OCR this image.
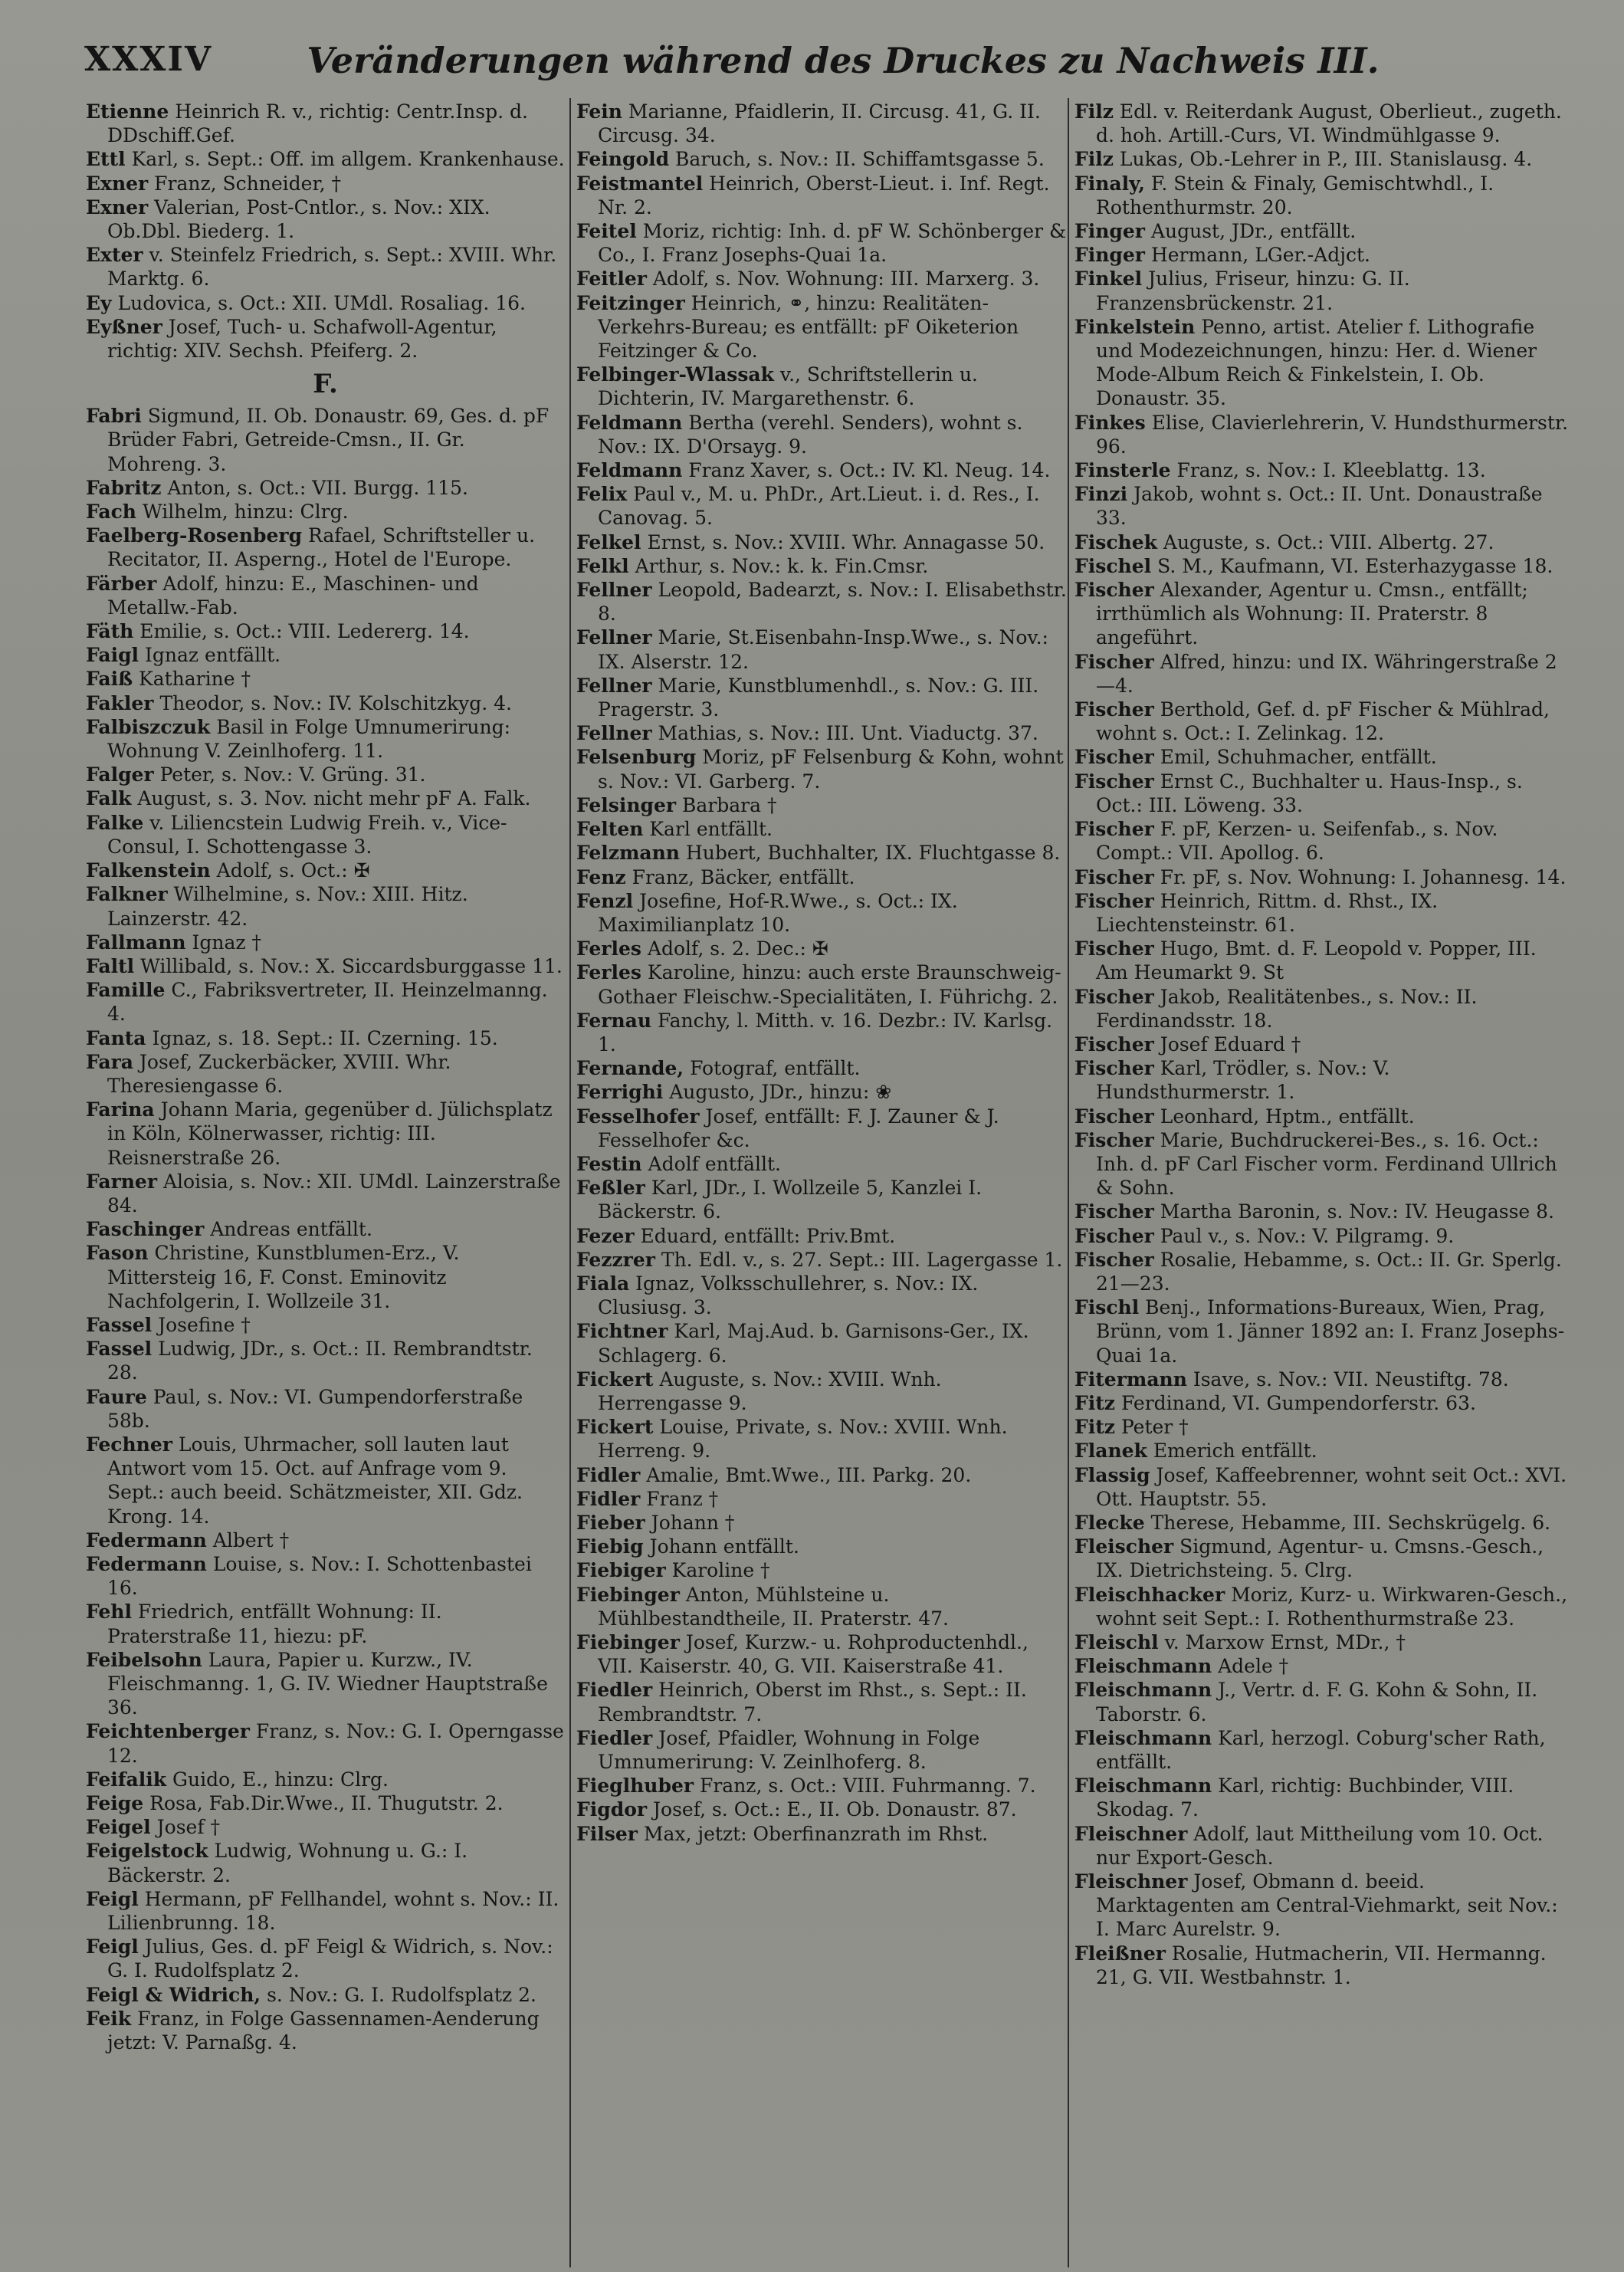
XXXIV	Veränderungen während des Druckes zu Nachweis III.
Etienne Heinrich R. v., richtig: Centr.Insp. d. DDschiff.Gef.
Ettl Karl, s. Sept.: Off. im allgem. Krankenhause.
Exner Franz, Schneider, †
Exner Valerian, Post-Cntlor., s. Nov.: XIX. Ob.Dbl. Biederg. 1.
Exter v. Steinfelz Friedrich, s. Sept.: XVIII. Whr. Marktg. 6.
Ey Ludovica, s. Oct.: XII. UMdl. Rosaliag. 16.
Eyßner Josef, Tuch- u. Schafwoll-Agentur, richtig: XIV. Sechsh. Pfeiferg. 2.
F.
Fabri Sigmund, II. Ob. Donaustr. 69, Ges. d. pF Brüder Fabri, Getreide-Cmsn., II. Gr. Mohreng. 3.
Fabritz Anton, s. Oct.: VII. Burgg. 115.
Fach Wilhelm, hinzu: Clrg.
Faelberg-Rosenberg Rafael, Schriftsteller u. Recitator, II. Asperng., Hotel de l'Europe.
Färber Adolf, hinzu: E., Maschinen- und Metallw.-Fab.
Fäth Emilie, s. Oct.: VIII. Ledererg. 14.
Faigl Ignaz entfällt.
Faiß Katharine †
Fakler Theodor, s. Nov.: IV. Kolschitzkyg. 4.
Falbiszczuk Basil in Folge Umnumerirung: Wohnung V. Zeinlhoferg. 11.
Falger Peter, s. Nov.: V. Grüng. 31.
Falk August, s. 3. Nov. nicht mehr pF A. Falk.
Falke v. Liliencstein Ludwig Freih. v., Vice-Consul, I. Schottengasse 3.
Falkenstein Adolf, s. Oct.: ✠
Falkner Wilhelmine, s. Nov.: XIII. Hitz. Lainzerstr. 42.
Fallmann Ignaz †
Faltl Willibald, s. Nov.: X. Siccardsburggasse 11.
Famille C., Fabriksvertreter, II. Heinzelmanng. 4.
Fanta Ignaz, s. 18. Sept.: II. Czerning. 15.
Fara Josef, Zuckerbäcker, XVIII. Whr. Theresiengasse 6.
Farina Johann Maria, gegenüber d. Jülichsplatz in Köln, Kölnerwasser, richtig: III. Reisnerstraße 26.
Farner Aloisia, s. Nov.: XII. UMdl. Lainzerstraße 84.
Faschinger Andreas entfällt.
Fason Christine, Kunstblumen-Erz., V. Mittersteig 16, F. Const. Eminovitz Nachfolgerin, I. Wollzeile 31.
Fassel Josefine †
Fassel Ludwig, JDr., s. Oct.: II. Rembrandtstr. 28.
Faure Paul, s. Nov.: VI. Gumpendorferstraße 58b.
Fechner Louis, Uhrmacher, soll lauten laut Antwort vom 15. Oct. auf Anfrage vom 9. Sept.: auch beeid. Schätzmeister, XII. Gdz. Krong. 14.
Federmann Albert †
Federmann Louise, s. Nov.: I. Schottenbastei 16.
Fehl Friedrich, entfällt Wohnung: II. Praterstraße 11, hiezu: pF.
Feibelsohn Laura, Papier u. Kurzw., IV. Fleischmanng. 1, G. IV. Wiedner Hauptstraße 36.
Feichtenberger Franz, s. Nov.: G. I. Operngasse 12.
Feifalik Guido, E., hinzu: Clrg.
Feige Rosa, Fab.Dir.Wwe., II. Thugutstr. 2.
Feigel Josef †
Feigelstock Ludwig, Wohnung u. G.: I. Bäckerstr. 2.
Feigl Hermann, pF Fellhandel, wohnt s. Nov.: II. Lilienbrunng. 18.
Feigl Julius, Ges. d. pF Feigl & Widrich, s. Nov.: G. I. Rudolfsplatz 2.
Feigl & Widrich, s. Nov.: G. I. Rudolfsplatz 2.
Feik Franz, in Folge Gassennamen-Aenderung jetzt: V. Parnaßg. 4.
Fein Marianne, Pfaidlerin, II. Circusg. 41, G. II. Circusg. 34.
Feingold Baruch, s. Nov.: II. Schiffamtsgasse 5.
Feistmantel Heinrich, Oberst-Lieut. i. Inf. Regt. Nr. 2.
Feitel Moriz, richtig: Inh. d. pF W. Schönberger & Co., I. Franz Josephs-Quai 1a.
Feitler Adolf, s. Nov. Wohnung: III. Marxerg. 3.
Feitzinger Heinrich, ⚭, hinzu: Realitäten-Verkehrs-Bureau; es entfällt: pF Oiketerion Feitzinger & Co.
Felbinger-Wlassak v., Schriftstellerin u. Dichterin, IV. Margarethenstr. 6.
Feldmann Bertha (verehl. Senders), wohnt s. Nov.: IX. D'Orsayg. 9.
Feldmann Franz Xaver, s. Oct.: IV. Kl. Neug. 14.
Felix Paul v., M. u. PhDr., Art.Lieut. i. d. Res., I. Canovag. 5.
Felkel Ernst, s. Nov.: XVIII. Whr. Annagasse 50.
Felkl Arthur, s. Nov.: k. k. Fin.Cmsr.
Fellner Leopold, Badearzt, s. Nov.: I. Elisabethstr. 8.
Fellner Marie, St.Eisenbahn-Insp.Wwe., s. Nov.: IX. Alserstr. 12.
Fellner Marie, Kunstblumenhdl., s. Nov.: G. III. Pragerstr. 3.
Fellner Mathias, s. Nov.: III. Unt. Viaductg. 37.
Felsenburg Moriz, pF Felsenburg & Kohn, wohnt s. Nov.: VI. Garberg. 7.
Felsinger Barbara †
Felten Karl entfällt.
Felzmann Hubert, Buchhalter, IX. Fluchtgasse 8.
Fenz Franz, Bäcker, entfällt.
Fenzl Josefine, Hof-R.Wwe., s. Oct.: IX. Maximilianplatz 10.
Ferles Adolf, s. 2. Dec.: ✠
Ferles Karoline, hinzu: auch erste Braunschweig-Gothaer Fleischw.-Specialitäten, I. Führichg. 2.
Fernau Fanchy, l. Mitth. v. 16. Dezbr.: IV. Karlsg. 1.
Fernande, Fotograf, entfällt.
Ferrighi Augusto, JDr., hinzu: ❀
Fesselhofer Josef, entfällt: F. J. Zauner & J. Fesselhofer &c.
Festin Adolf entfällt.
Feßler Karl, JDr., I. Wollzeile 5, Kanzlei I. Bäckerstr. 6.
Fezer Eduard, entfällt: Priv.Bmt.
Fezzrer Th. Edl. v., s. 27. Sept.: III. Lagergasse 1.
Fiala Ignaz, Volksschullehrer, s. Nov.: IX. Clusiusg. 3.
Fichtner Karl, Maj.Aud. b. Garnisons-Ger., IX. Schlagerg. 6.
Fickert Auguste, s. Nov.: XVIII. Wnh. Herrengasse 9.
Fickert Louise, Private, s. Nov.: XVIII. Wnh. Herreng. 9.
Fidler Amalie, Bmt.Wwe., III. Parkg. 20.
Fidler Franz †
Fieber Johann †
Fiebig Johann entfällt.
Fiebiger Karoline †
Fiebinger Anton, Mühlsteine u. Mühlbestandtheile, II. Praterstr. 47.
Fiebinger Josef, Kurzw.- u. Rohproductenhdl., VII. Kaiserstr. 40, G. VII. Kaiserstraße 41.
Fiedler Heinrich, Oberst im Rhst., s. Sept.: II. Rembrandtstr. 7.
Fiedler Josef, Pfaidler, Wohnung in Folge Umnumerirung: V. Zeinlhoferg. 8.
Fieglhuber Franz, s. Oct.: VIII. Fuhrmanng. 7.
Figdor Josef, s. Oct.: E., II. Ob. Donaustr. 87.
Filser Max, jetzt: Oberfinanzrath im Rhst.
Filz Edl. v. Reiterdank August, Oberlieut., zugeth. d. hoh. Artill.-Curs, VI. Windmühlgasse 9.
Filz Lukas, Ob.-Lehrer in P., III. Stanislausg. 4.
Finaly, F. Stein & Finaly, Gemischtwhdl., I. Rothenthurmstr. 20.
Finger August, JDr., entfällt.
Finger Hermann, LGer.-Adjct.
Finkel Julius, Friseur, hinzu: G. II. Franzensbrückenstr. 21.
Finkelstein Penno, artist. Atelier f. Lithografie und Modezeichnungen, hinzu: Her. d. Wiener Mode-Album Reich & Finkelstein, I. Ob. Donaustr. 35.
Finkes Elise, Clavierlehrerin, V. Hundsthurmerstr. 96.
Finsterle Franz, s. Nov.: I. Kleeblattg. 13.
Finzi Jakob, wohnt s. Oct.: II. Unt. Donaustraße 33.
Fischek Auguste, s. Oct.: VIII. Albertg. 27.
Fischel S. M., Kaufmann, VI. Esterhazygasse 18.
Fischer Alexander, Agentur u. Cmsn., entfällt; irrthümlich als Wohnung: II. Praterstr. 8 angeführt.
Fischer Alfred, hinzu: und IX. Währingerstraße 2—4.
Fischer Berthold, Gef. d. pF Fischer & Mühlrad, wohnt s. Oct.: I. Zelinkag. 12.
Fischer Emil, Schuhmacher, entfällt.
Fischer Ernst C., Buchhalter u. Haus-Insp., s. Oct.: III. Löweng. 33.
Fischer F. pF, Kerzen- u. Seifenfab., s. Nov. Compt.: VII. Apollog. 6.
Fischer Fr. pF, s. Nov. Wohnung: I. Johannesg. 14.
Fischer Heinrich, Rittm. d. Rhst., IX. Liechtensteinstr. 61.
Fischer Hugo, Bmt. d. F. Leopold v. Popper, III. Am Heumarkt 9. St
Fischer Jakob, Realitätenbes., s. Nov.: II. Ferdinandsstr. 18.
Fischer Josef Eduard †
Fischer Karl, Trödler, s. Nov.: V. Hundsthurmerstr. 1.
Fischer Leonhard, Hptm., entfällt.
Fischer Marie, Buchdruckerei-Bes., s. 16. Oct.: Inh. d. pF Carl Fischer vorm. Ferdinand Ullrich & Sohn.
Fischer Martha Baronin, s. Nov.: IV. Heugasse 8.
Fischer Paul v., s. Nov.: V. Pilgramg. 9.
Fischer Rosalie, Hebamme, s. Oct.: II. Gr. Sperlg. 21—23.
Fischl Benj., Informations-Bureaux, Wien, Prag, Brünn, vom 1. Jänner 1892 an: I. Franz Josephs-Quai 1a.
Fitermann Isave, s. Nov.: VII. Neustiftg. 78.
Fitz Ferdinand, VI. Gumpendorferstr. 63.
Fitz Peter †
Flanek Emerich entfällt.
Flassig Josef, Kaffeebrenner, wohnt seit Oct.: XVI. Ott. Hauptstr. 55.
Flecke Therese, Hebamme, III. Sechskrügelg. 6.
Fleischer Sigmund, Agentur- u. Cmsns.-Gesch., IX. Dietrichsteing. 5. Clrg.
Fleischhacker Moriz, Kurz- u. Wirkwaren-Gesch., wohnt seit Sept.: I. Rothenthurmstraße 23.
Fleischl v. Marxow Ernst, MDr., †
Fleischmann Adele †
Fleischmann J., Vertr. d. F. G. Kohn & Sohn, II. Taborstr. 6.
Fleischmann Karl, herzogl. Coburg'scher Rath, entfällt.
Fleischmann Karl, richtig: Buchbinder, VIII. Skodag. 7.
Fleischner Adolf, laut Mittheilung vom 10. Oct. nur Export-Gesch.
Fleischner Josef, Obmann d. beeid. Marktagenten am Central-Viehmarkt, seit Nov.: I. Marc Aurelstr. 9.
Fleißner Rosalie, Hutmacherin, VII. Hermanng. 21, G. VII. Westbahnstr. 1.
